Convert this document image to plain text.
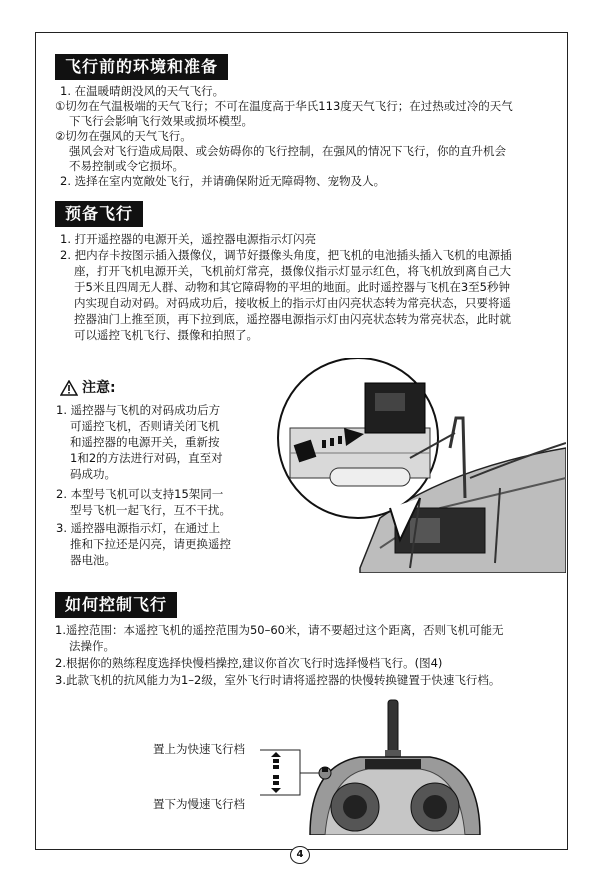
飞行前的环境和准备
1. 在温暖晴朗没风的天气飞行。
①切勿在气温极端的天气飞行；不可在温度高于华氏113度天气飞行；在过热或过冷的天气
下飞行会影响飞行效果或损坏模型。
②切勿在强风的天气飞行。
强风会对飞行造成局限、或会妨碍你的飞行控制，在强风的情况下飞行，你的直升机会
不易控制或令它损坏。
2. 选择在室内宽敞处飞行，并请确保附近无障碍物、宠物及人。
预备飞行
1. 打开遥控器的电源开关，遥控器电源指示灯闪亮
2. 把内存卡按图示插入摄像仪，调节好摄像头角度，把飞机的电池插头插入飞机的电源插
座，打开飞机电源开关，飞机前灯常亮，摄像仪指示灯显示红色，将飞机放到离自己大
于5米且四周无人群、动物和其它障碍物的平坦的地面。此时遥控器与飞机在3至5秒钟
内实现自动对码。对码成功后，接收板上的指示灯由闪亮状态转为常亮状态，只要将遥
控器油门上推至顶，再下拉到底，遥控器电源指示灯由闪亮状态转为常亮状态，此时就
可以遥控飞机飞行、摄像和拍照了。
注意:
1. 遥控器与飞机的对码成功后方
可遥控飞机，否则请关闭飞机
和遥控器的电源开关，重新按
1和2的方法进行对码，直至对
码成功。
2. 本型号飞机可以支持15架同一
型号飞机一起飞行，互不干扰。
3. 遥控器电源指示灯，在通过上
推和下拉还是闪亮，请更换遥控
器电池。
如何控制飞行
1.遥控范围：本遥控飞机的遥控范围为50–60米，请不要超过这个距离，否则飞机可能无
法操作。
2.根据你的熟练程度选择快慢档操控,建议你首次飞行时选择慢档飞行。(图4)
3.此款飞机的抗风能力为1–2级，室外飞行时请将遥控器的快慢转换键置于快速飞行档。
置上为快速飞行档
置下为慢速飞行档
4
